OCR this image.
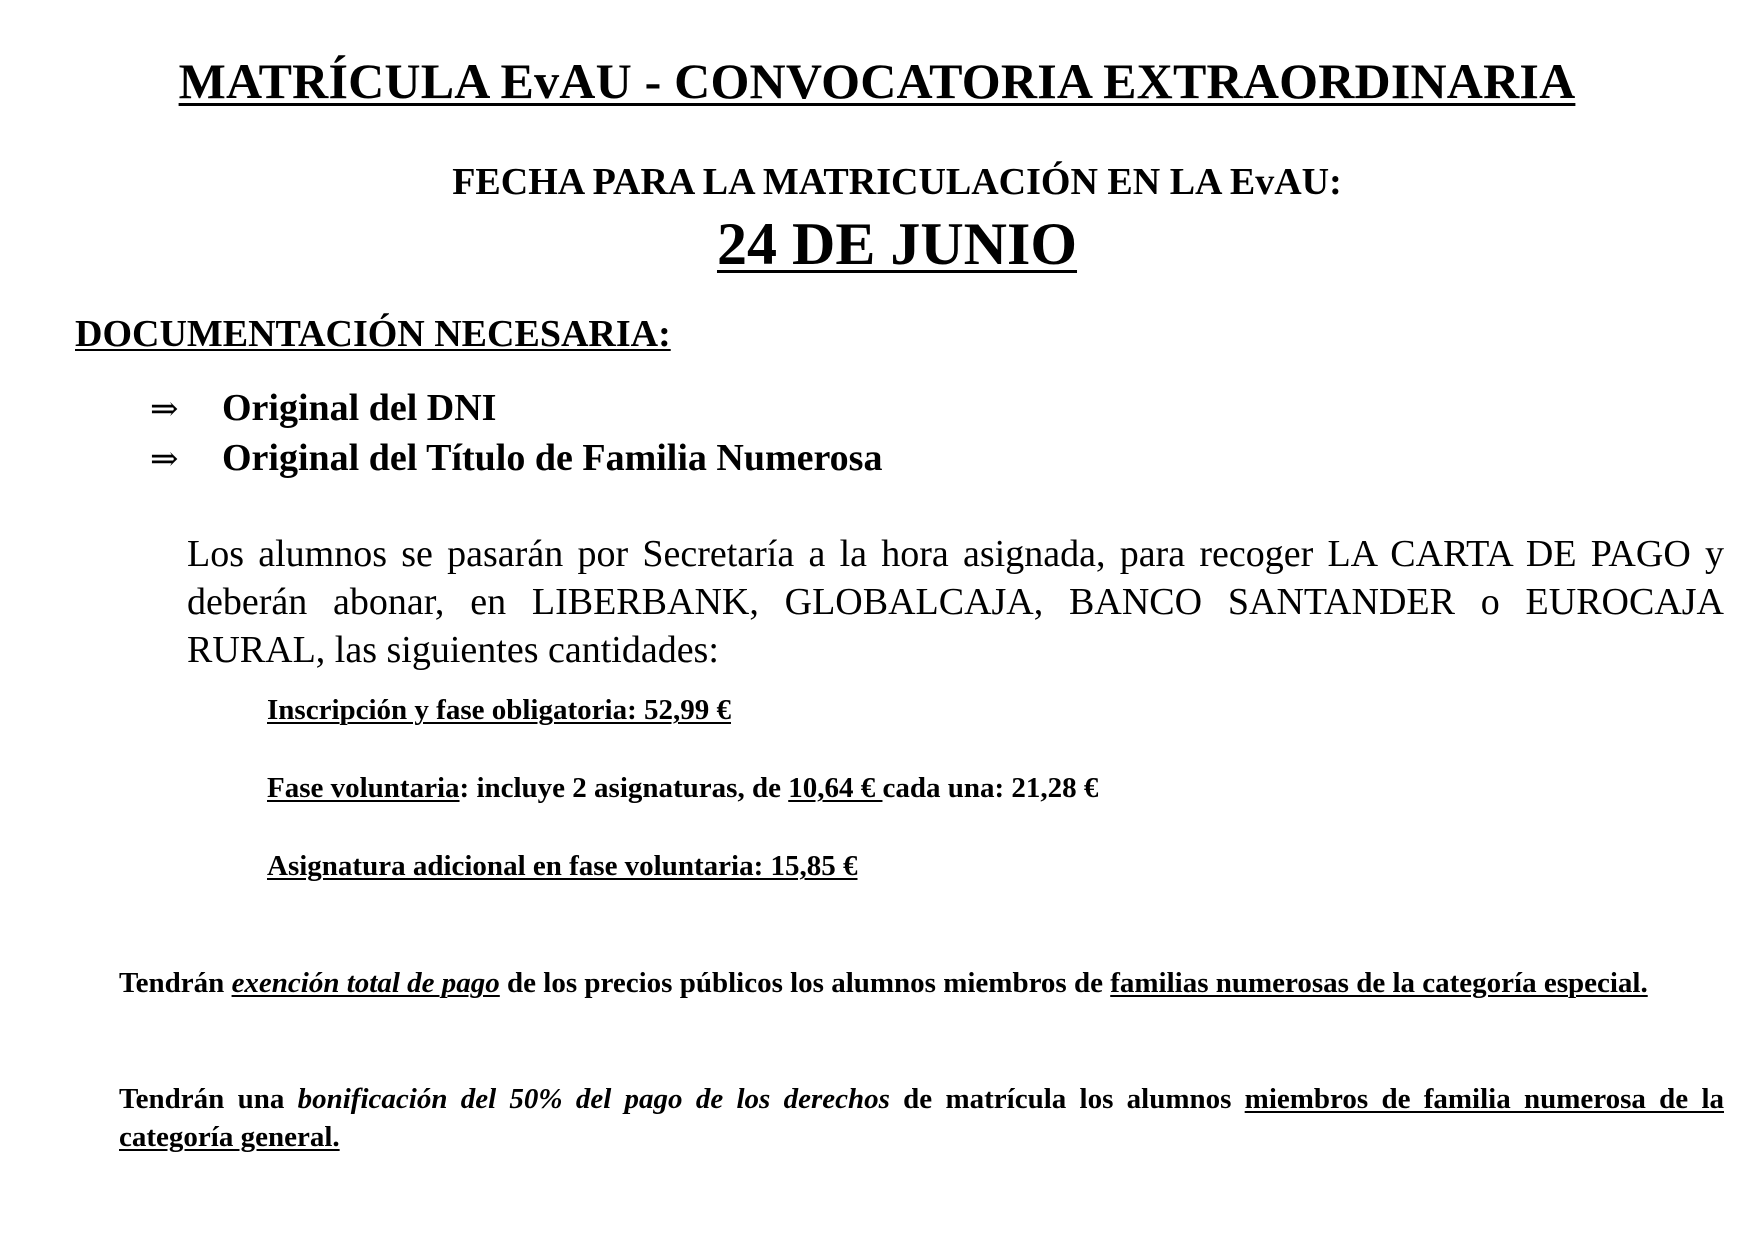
MATRÍCULA EvAU - CONVOCATORIA EXTRAORDINARIA
FECHA PARA LA MATRICULACIÓN EN LA EvAU:
24 DE JUNIO
DOCUMENTACIÓN NECESARIA:
⇒	Original del DNI
⇒	Original del Título de Familia Numerosa
Los alumnos se pasarán por Secretaría a la hora asignada, para recoger LA CARTA DE PAGO y deberán abonar, en LIBERBANK, GLOBALCAJA, BANCO SANTANDER o EUROCAJA RURAL, las siguientes cantidades:
Inscripción y fase obligatoria: 52,99 €
Fase voluntaria: incluye 2 asignaturas, de 10,64 € cada una: 21,28 €
Asignatura adicional en fase voluntaria: 15,85 €
Tendrán exención total de pago de los precios públicos los alumnos miembros de familias numerosas de la categoría especial.
Tendrán una bonificación del 50% del pago de los derechos de matrícula los alumnos miembros de familia numerosa de la categoría general.
